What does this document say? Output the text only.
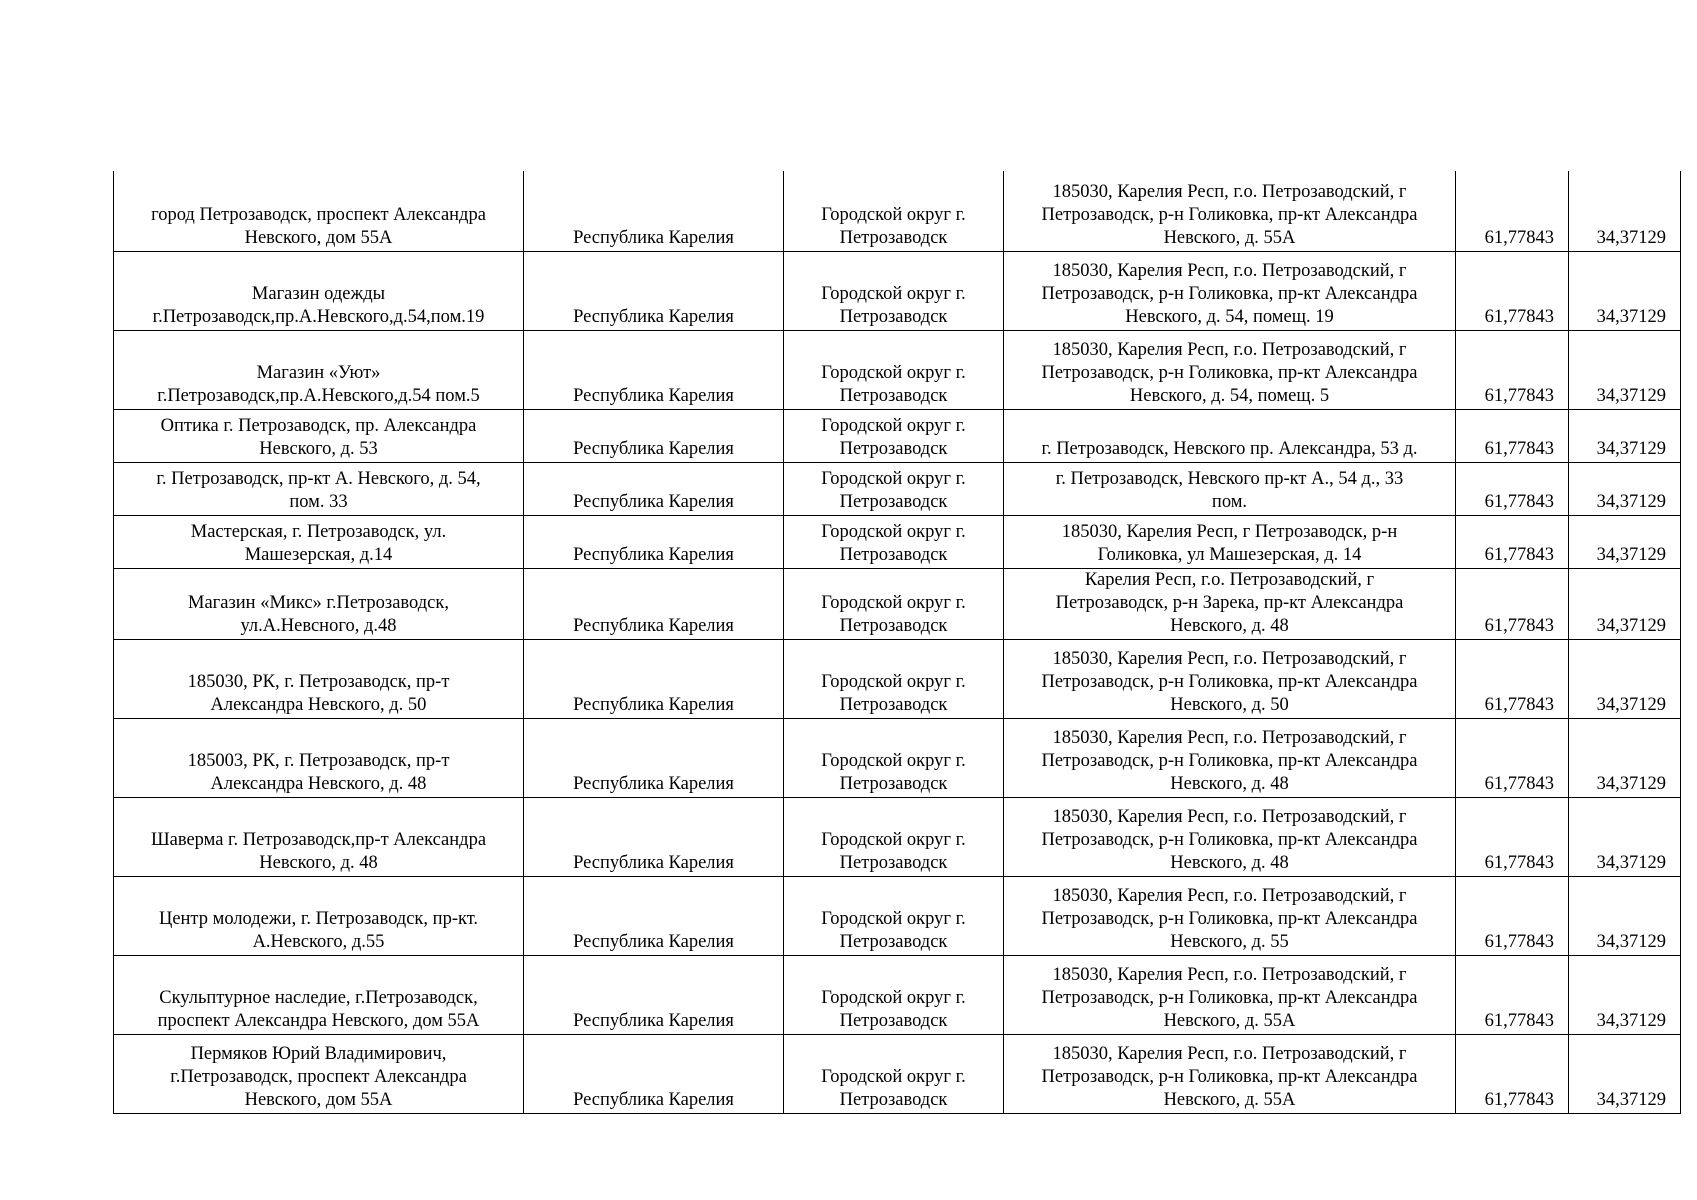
город Петрозаводск, проспект Александра
Невского, дом 55А	Республика Карелия	Городской округ г.
Петрозаводск	185030, Карелия Респ, г.о. Петрозаводский, г
Петрозаводск, р-н Голиковка, пр-кт Александра
Невского, д. 55А	61,77843	34,37129
Магазин одежды
г.Петрозаводск,пр.А.Невского,д.54,пом.19	Республика Карелия	Городской округ г.
Петрозаводск	185030, Карелия Респ, г.о. Петрозаводский, г
Петрозаводск, р-н Голиковка, пр-кт Александра
Невского, д. 54, помещ. 19	61,77843	34,37129
Магазин «Уют»
г.Петрозаводск,пр.А.Невского,д.54 пом.5	Республика Карелия	Городской округ г.
Петрозаводск	185030, Карелия Респ, г.о. Петрозаводский, г
Петрозаводск, р-н Голиковка, пр-кт Александра
Невского, д. 54, помещ. 5	61,77843	34,37129
Оптика г. Петрозаводск, пр. Александра
Невского, д. 53	Республика Карелия	Городской округ г.
Петрозаводск	г. Петрозаводск, Невского пр. Александра, 53 д.	61,77843	34,37129
г. Петрозаводск, пр-кт А. Невского, д. 54,
пом. 33	Республика Карелия	Городской округ г.
Петрозаводск	г. Петрозаводск, Невского пр-кт А., 54 д., 33
пом.	61,77843	34,37129
Мастерская, г. Петрозаводск, ул.
Машезерская, д.14	Республика Карелия	Городской округ г.
Петрозаводск	185030, Карелия Респ, г Петрозаводск, р-н
Голиковка, ул Машезерская, д. 14	61,77843	34,37129
Магазин «Микс» г.Петрозаводск,
ул.А.Невсного, д.48	Республика Карелия	Городской округ г.
Петрозаводск	Карелия Респ, г.о. Петрозаводский, г
Петрозаводск, р-н Зарека, пр-кт Александра
Невского, д. 48	61,77843	34,37129
185030, РК, г. Петрозаводск, пр-т
Александра Невского, д. 50	Республика Карелия	Городской округ г.
Петрозаводск	185030, Карелия Респ, г.о. Петрозаводский, г
Петрозаводск, р-н Голиковка, пр-кт Александра
Невского, д. 50	61,77843	34,37129
185003, РК, г. Петрозаводск, пр-т
Александра Невского, д. 48	Республика Карелия	Городской округ г.
Петрозаводск	185030, Карелия Респ, г.о. Петрозаводский, г
Петрозаводск, р-н Голиковка, пр-кт Александра
Невского, д. 48	61,77843	34,37129
Шаверма г. Петрозаводск,пр-т Александра
Невского, д. 48	Республика Карелия	Городской округ г.
Петрозаводск	185030, Карелия Респ, г.о. Петрозаводский, г
Петрозаводск, р-н Голиковка, пр-кт Александра
Невского, д. 48	61,77843	34,37129
Центр молодежи, г. Петрозаводск, пр-кт.
А.Невского, д.55	Республика Карелия	Городской округ г.
Петрозаводск	185030, Карелия Респ, г.о. Петрозаводский, г
Петрозаводск, р-н Голиковка, пр-кт Александра
Невского, д. 55	61,77843	34,37129
Скульптурное наследие, г.Петрозаводск,
проспект Александра Невского, дом 55А	Республика Карелия	Городской округ г.
Петрозаводск	185030, Карелия Респ, г.о. Петрозаводский, г
Петрозаводск, р-н Голиковка, пр-кт Александра
Невского, д. 55А	61,77843	34,37129
Пермяков Юрий Владимирович,
г.Петрозаводск, проспект Александра
Невского, дом 55А	Республика Карелия	Городской округ г.
Петрозаводск	185030, Карелия Респ, г.о. Петрозаводский, г
Петрозаводск, р-н Голиковка, пр-кт Александра
Невского, д. 55А	61,77843	34,37129
